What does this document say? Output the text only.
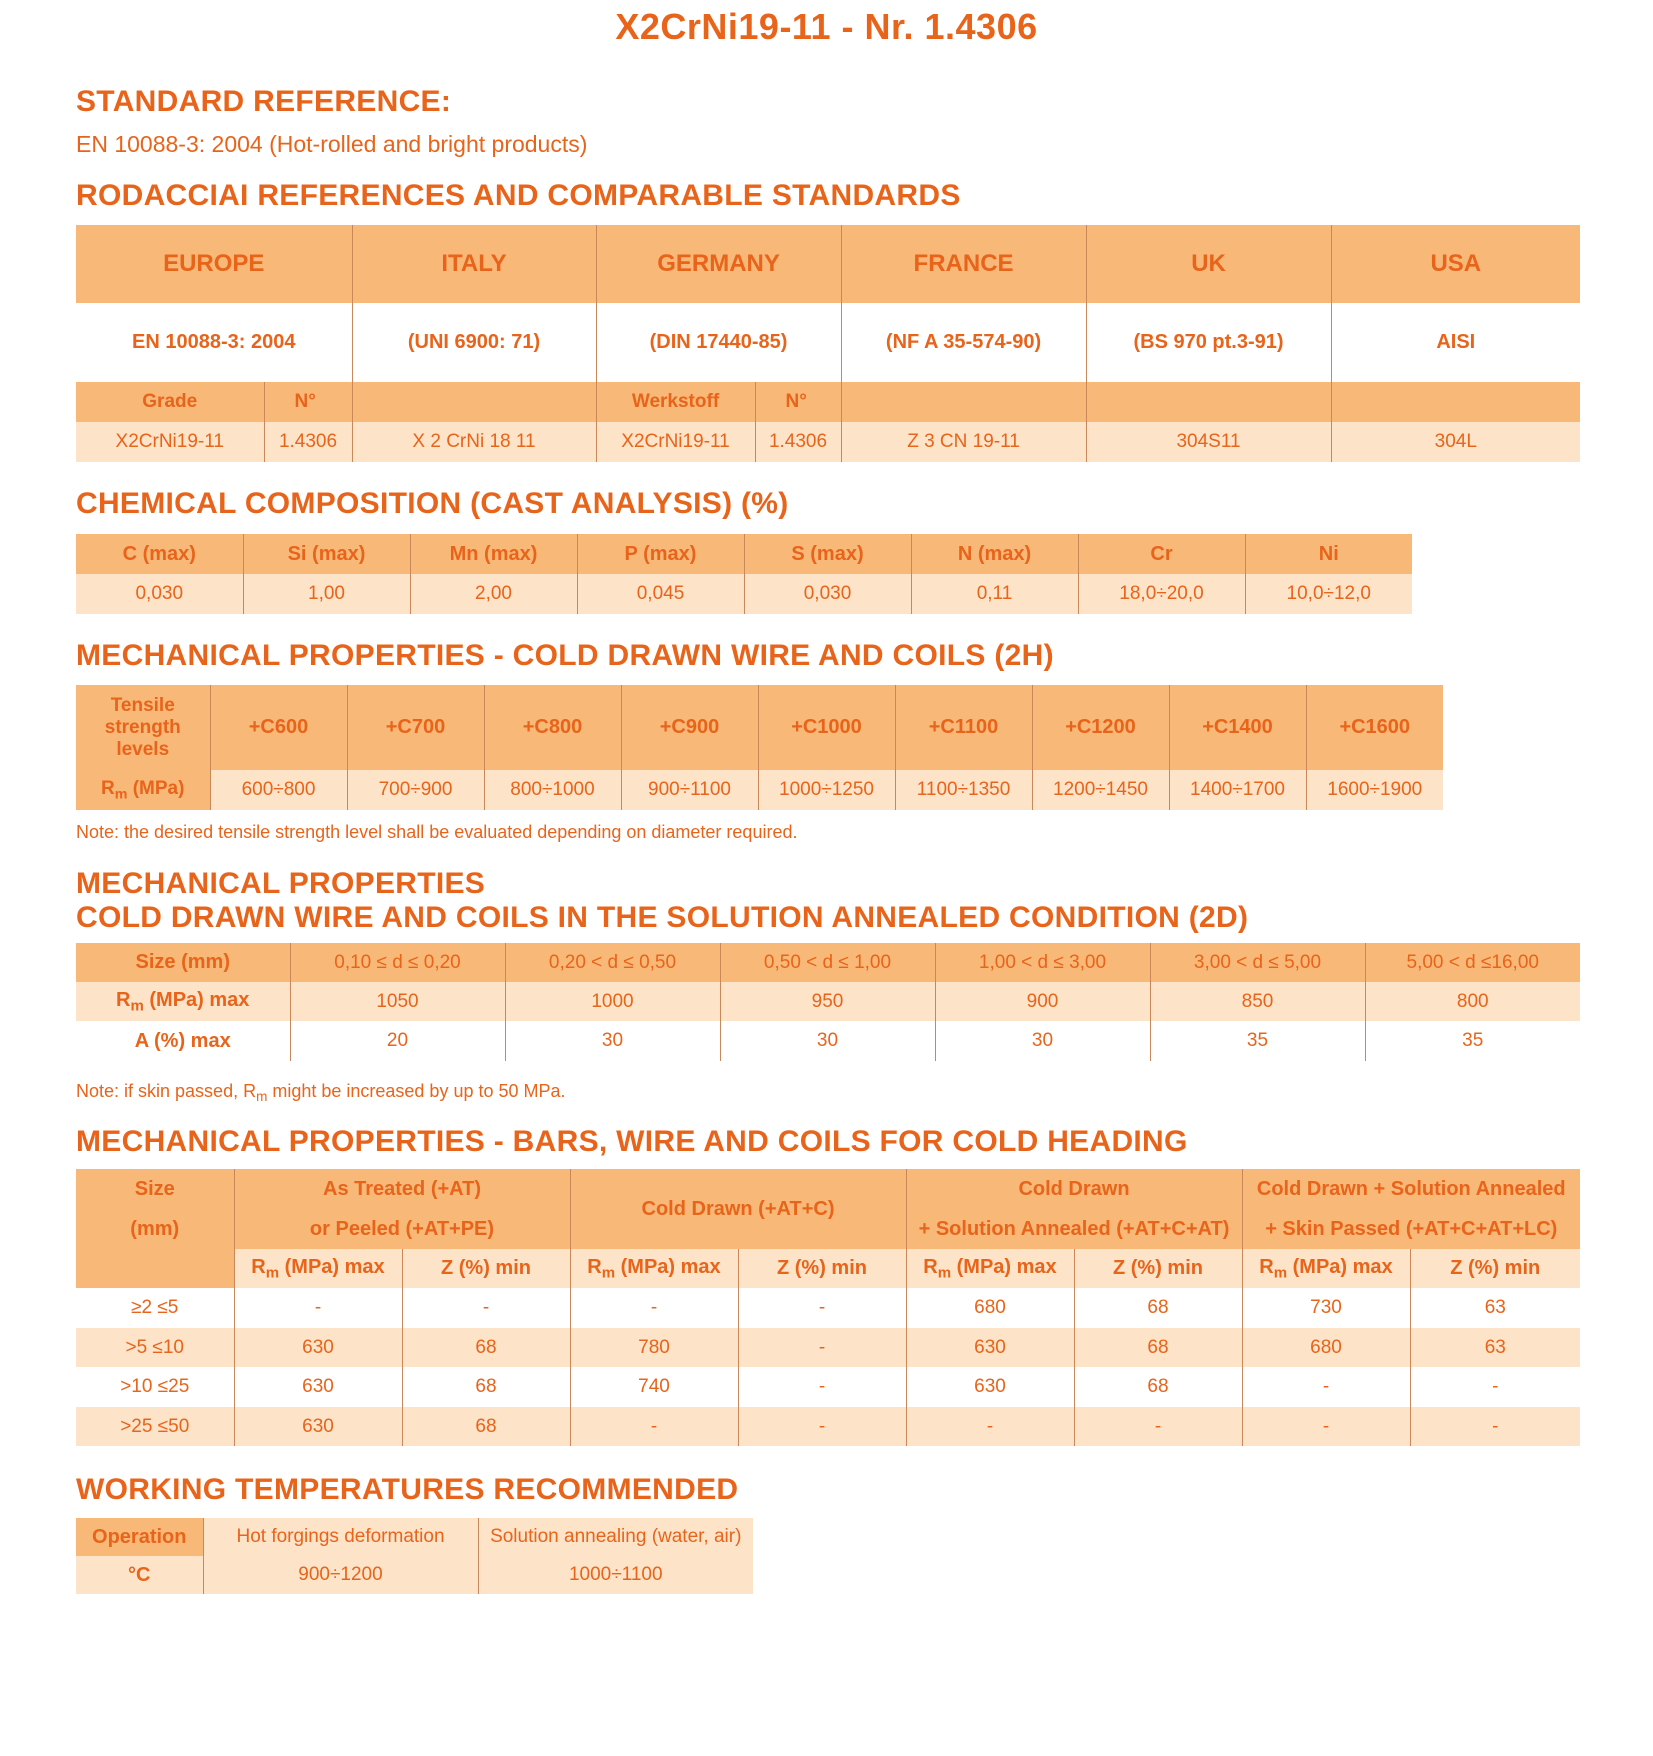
X2CrNi19-11 - Nr. 1.4306
STANDARD REFERENCE:

EN 10088-3: 2004 (Hot-rolled and bright products)

RODACCIAI REFERENCES AND COMPARABLE STANDARDS
EUROPE		ITALY	GERMANY		FRANCE	UK	USA
EN 10088-3: 2004		(UNI 6900: 71)	(DIN 17440-85)		(NF A 35-574-90)	(BS 970 pt.3-91)	AISI
Grade	N°		Werkstoff	N°			
X2CrNi19-11	1.4306	X 2 CrNi 18 11	X2CrNi19-11	1.4306	Z 3 CN 19-11	304S11	304L
CHEMICAL COMPOSITION (CAST ANALYSIS) (%)
C (max)	Si (max)	Mn (max)	P (max)	S (max)	N (max)	Cr	Ni
0,030	1,00	2,00	0,045	0,030	0,11	18,0÷20,0	10,0÷12,0
MECHANICAL PROPERTIES - COLD DRAWN WIRE AND COILS (2H)
Tensile strength levels	+C600	+C700	+C800	+C900	+C1000	+C1100	+C1200	+C1400	+C1600
$R_m$ (MPa)	600÷800	700÷900	800÷1000	900÷1100	1000÷1250	1100÷1350	1200÷1450	1400÷1700	1600÷1900

Note: the desired tensile strength level shall be evaluated depending on diameter required.

MECHANICAL PROPERTIES
COLD DRAWN WIRE AND COILS IN THE SOLUTION ANNEALED CONDITION (2D)
Size (mm)	0,10 ≤ d ≤ 0,20	0,20 < d ≤ 0,50	0,50 < d ≤ 1,00	1,00 < d ≤ 3,00	3,00 < d ≤ 5,00	5,00 < d ≤16,00
$R_m$ (MPa) max	1050	1000	950	900	850	800
A (%) max	20	30	30	30	35	35

Note: if skin passed, $R_m$ might be increased by up to 50 MPa.

MECHANICAL PROPERTIES - BARS, WIRE AND COILS FOR COLD HEADING
Size
(mm)	As Treated (+AT)		Cold Drawn (+AT+C)		Cold Drawn		Cold Drawn + Solution Annealed	
	or Peeled (+AT+PE)				+ Solution Annealed (+AT+C+AT)		+ Skin Passed (+AT+C+AT+LC)	
	$R_m$ (MPa) max	Z (%) min	$R_m$ (MPa) max	Z (%) min	$R_m$ (MPa) max	Z (%) min	$R_m$ (MPa) max	Z (%) min
≥2 ≤5	-	-	-	-	680	68	730	63
>5 ≤10	630	68	780	-	630	68	680	63
>10 ≤25	630	68	740	-	630	68	-	-
>25 ≤50	630	68	-	-	-	-	-	-
WORKING TEMPERATURES RECOMMENDED
Operation	Hot forgings deformation	Solution annealing (water, air)
°C	900÷1200	1000÷1100
